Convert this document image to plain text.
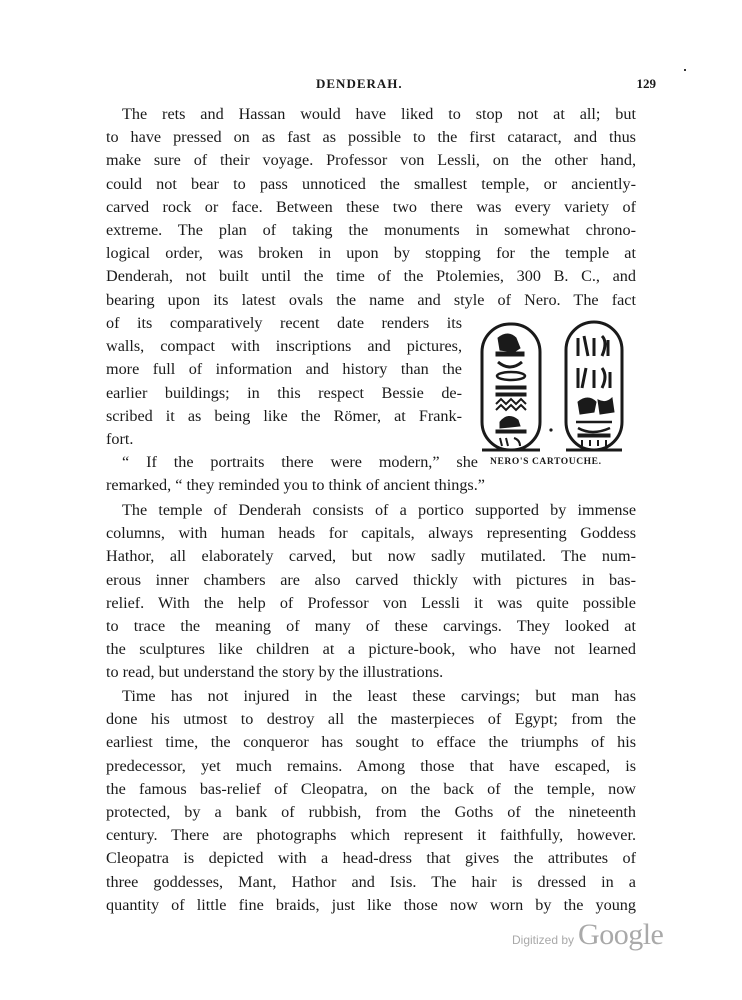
DENDERAH.	129
The rets and Hassan would have liked to stop not at all; but
to have pressed on as fast as possible to the first cataract, and thus
make sure of their voyage. Professor von Lessli, on the other hand,
could not bear to pass unnoticed the smallest temple, or anciently-
carved rock or face. Between these two there was every variety of
extreme. The plan of taking the monuments in somewhat chrono-
logical order, was broken in upon by stopping for the temple at
Denderah, not built until the time of the Ptolemies, 300 B. C., and
bearing upon its latest ovals the name and style of Nero. The fact
of its comparatively recent date renders its
walls, compact with inscriptions and pictures,
more full of information and history than the
earlier buildings; in this respect Bessie de-
scribed it as being like the Römer, at Frank-
fort.
NERO'S CARTOUCHE.
“ If the portraits there were modern,” she
remarked, “ they reminded you to think of ancient things.”
The temple of Denderah consists of a portico supported by immense
columns, with human heads for capitals, always representing Goddess
Hathor, all elaborately carved, but now sadly mutilated. The num-
erous inner chambers are also carved thickly with pictures in bas-
relief. With the help of Professor von Lessli it was quite possible
to trace the meaning of many of these carvings. They looked at
the sculptures like children at a picture-book, who have not learned
to read, but understand the story by the illustrations.
Time has not injured in the least these carvings; but man has
done his utmost to destroy all the masterpieces of Egypt; from the
earliest time, the conqueror has sought to efface the triumphs of his
predecessor, yet much remains. Among those that have escaped, is
the famous bas-relief of Cleopatra, on the back of the temple, now
protected, by a bank of rubbish, from the Goths of the nineteenth
century. There are photographs which represent it faithfully, however.
Cleopatra is depicted with a head-dress that gives the attributes of
three goddesses, Mant, Hathor and Isis. The hair is dressed in a
quantity of little fine braids, just like those now worn by the young
Digitized by Google
